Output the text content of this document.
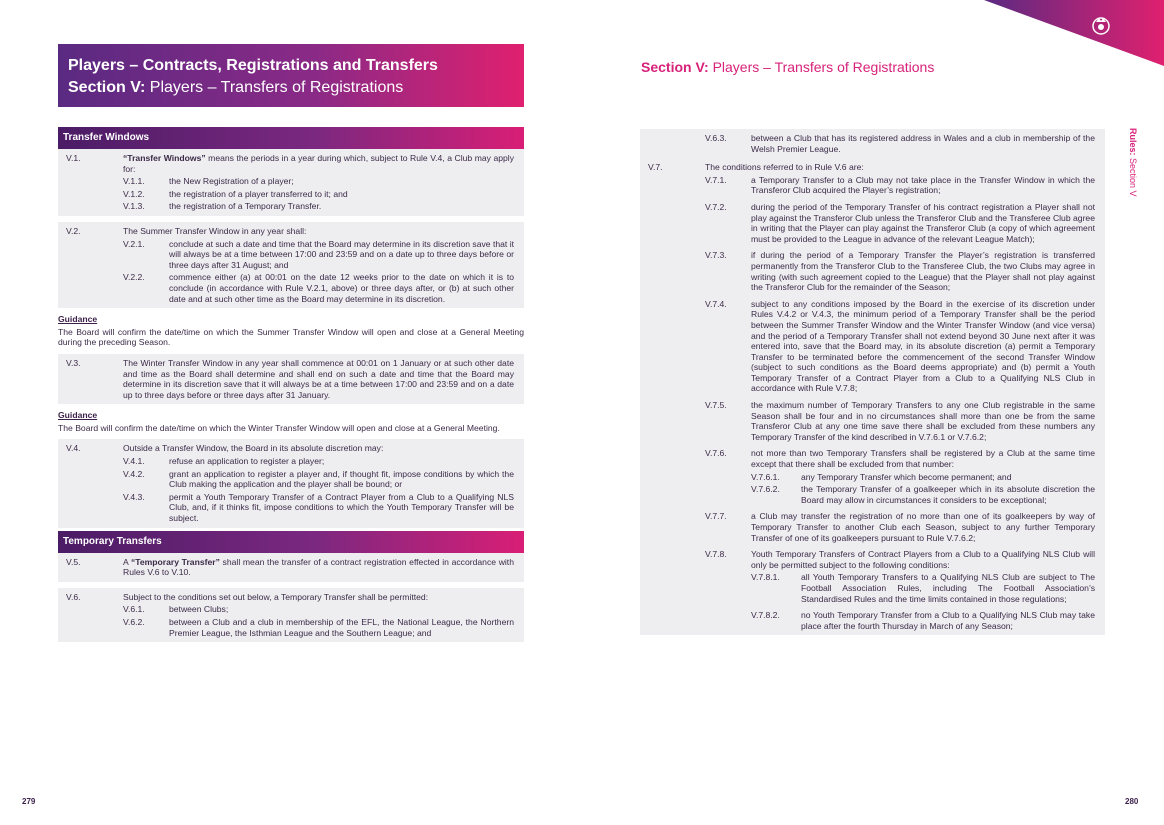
Players – Contracts, Registrations and Transfers
Section V: Players – Transfers of Registrations
Section V: Players – Transfers of Registrations
Rules: Section V
Transfer Windows
V.1.	“Transfer Windows” means the periods in a year during which, subject to Rule V.4, a Club may apply for:
V.1.1.	the New Registration of a player;
V.1.2.	the registration of a player transferred to it; and
V.1.3.	the registration of a Temporary Transfer.
V.2.	The Summer Transfer Window in any year shall:
V.2.1.	conclude at such a date and time that the Board may determine in its discretion save that it will always be at a time between 17:00 and 23:59 and on a date up to three days before or three days after 31 August; and
V.2.2.	commence either (a) at 00:01 on the date 12 weeks prior to the date on which it is to conclude (in accordance with Rule V.2.1, above) or three days after, or (b) at such other date and at such other time as the Board may determine in its discretion.
Guidance
The Board will confirm the date/time on which the Summer Transfer Window will open and close at a General Meeting during the preceding Season.
V.3.	The Winter Transfer Window in any year shall commence at 00:01 on 1 January or at such other date and time as the Board shall determine and shall end on such a date and time that the Board may determine in its discretion save that it will always be at a time between 17:00 and 23:59 and on a date up to three days before or three days after 31 January.
Guidance
The Board will confirm the date/time on which the Winter Transfer Window will open and close at a General Meeting.
V.4.	Outside a Transfer Window, the Board in its absolute discretion may:
V.4.1.	refuse an application to register a player;
V.4.2.	grant an application to register a player and, if thought fit, impose conditions by which the Club making the application and the player shall be bound; or
V.4.3.	permit a Youth Temporary Transfer of a Contract Player from a Club to a Qualifying NLS Club, and, if it thinks fit, impose conditions to which the Youth Temporary Transfer will be subject.
Temporary Transfers
V.5.	A “Temporary Transfer” shall mean the transfer of a contract registration effected in accordance with Rules V.6 to V.10.
V.6.	Subject to the conditions set out below, a Temporary Transfer shall be permitted:
V.6.1.	between Clubs;
V.6.2.	between a Club and a club in membership of the EFL, the National League, the Northern Premier League, the Isthmian League and the Southern League; and
V.6.3.	between a Club that has its registered address in Wales and a club in membership of the Welsh Premier League.
V.7.	The conditions referred to in Rule V.6 are:
V.7.1.	a Temporary Transfer to a Club may not take place in the Transfer Window in which the Transferor Club acquired the Player’s registration;
V.7.2.	during the period of the Temporary Transfer of his contract registration a Player shall not play against the Transferor Club unless the Transferor Club and the Transferee Club agree in writing that the Player can play against the Transferor Club (a copy of which agreement must be provided to the League in advance of the relevant League Match);
V.7.3.	if during the period of a Temporary Transfer the Player’s registration is transferred permanently from the Transferor Club to the Transferee Club, the two Clubs may agree in writing (with such agreement copied to the League) that the Player shall not play against the Transferor Club for the remainder of the Season;
V.7.4.	subject to any conditions imposed by the Board in the exercise of its discretion under Rules V.4.2 or V.4.3, the minimum period of a Temporary Transfer shall be the period between the Summer Transfer Window and the Winter Transfer Window (and vice versa) and the period of a Temporary Transfer shall not extend beyond 30 June next after it was entered into, save that the Board may, in its absolute discretion (a) permit a Temporary Transfer to be terminated before the commencement of the second Transfer Window (subject to such conditions as the Board deems appropriate) and (b) permit a Youth Temporary Transfer of a Contract Player from a Club to a Qualifying NLS Club in accordance with Rule V.7.8;
V.7.5.	the maximum number of Temporary Transfers to any one Club registrable in the same Season shall be four and in no circumstances shall more than one be from the same Transferor Club at any one time save there shall be excluded from these numbers any Temporary Transfer of the kind described in V.7.6.1 or V.7.6.2;
V.7.6.	not more than two Temporary Transfers shall be registered by a Club at the same time except that there shall be excluded from that number:
V.7.6.1.	any Temporary Transfer which become permanent; and
V.7.6.2.	the Temporary Transfer of a goalkeeper which in its absolute discretion the Board may allow in circumstances it considers to be exceptional;
V.7.7.	a Club may transfer the registration of no more than one of its goalkeepers by way of Temporary Transfer to another Club each Season, subject to any further Temporary Transfer of one of its goalkeepers pursuant to Rule V.7.6.2;
V.7.8.	Youth Temporary Transfers of Contract Players from a Club to a Qualifying NLS Club will only be permitted subject to the following conditions:
V.7.8.1.	all Youth Temporary Transfers to a Qualifying NLS Club are subject to The Football Association Rules, including The Football Association’s Standardised Rules and the time limits contained in those regulations;
V.7.8.2.	no Youth Temporary Transfer from a Club to a Qualifying NLS Club may take place after the fourth Thursday in March of any Season;
279	280
